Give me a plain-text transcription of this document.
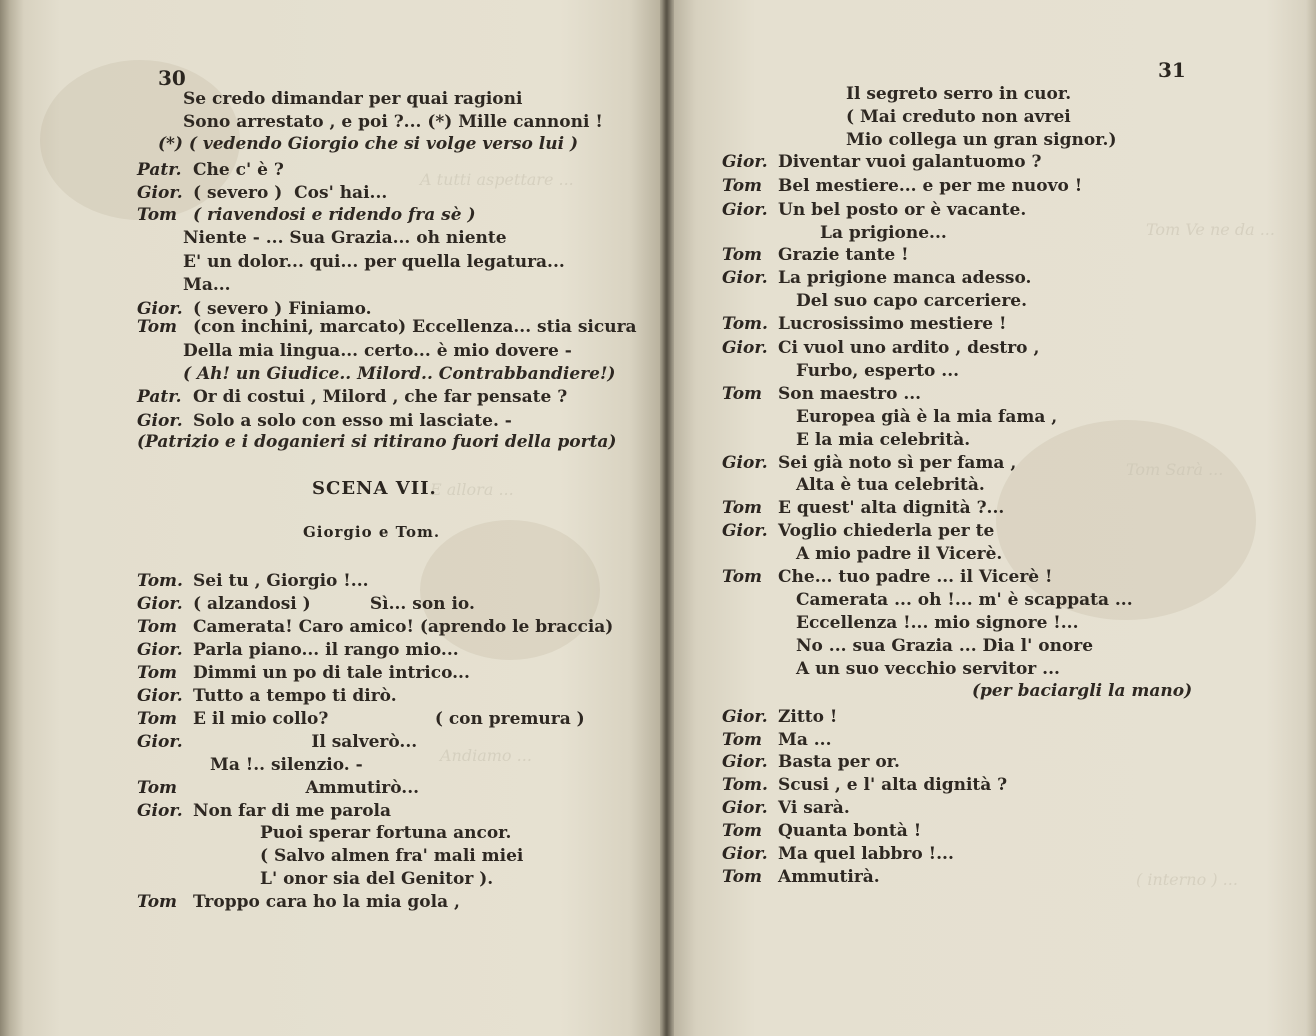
A tutti aspettare ...
E allora ...
Andiamo ...
30
Se credo dimandar per quai ragioni
Sono arrestato , e poi ?... (*) Mille cannoni !
(*) ( vedendo Giorgio che si volge verso lui )
Patr. Che c' è ?
Gior. ( severo )  Cos' hai...
Tom ( riavendosi e ridendo fra sè )
Niente - ... Sua Grazia... oh niente
E' un dolor... qui... per quella legatura...
Ma...
Gior. ( severo ) Finiamo.
Tom (con inchini, marcato) Eccellenza... stia sicura
Della mia lingua... certo... è mio dovere -
( Ah! un Giudice.. Milord.. Contrabbandiere!)
Patr. Or di costui , Milord , che far pensate ?
Gior. Solo a solo con esso mi lasciate. -
(Patrizio e i doganieri si ritirano fuori della porta)
SCENA VII.
Giorgio e Tom.
Tom. Sei tu , Giorgio !...
Gior. ( alzandosi )          Sì... son io.
Tom Camerata! Caro amico! (aprendo le braccia)
Gior. Parla piano... il rango mio...
Tom Dimmi un po di tale intrico...
Gior. Tutto a tempo ti dirò.
Tom E il mio collo?                  ( con premura )
Gior.                    Il salverò...
Ma !.. silenzio. -
Tom                   Ammutirò...
Gior. Non far di me parola
Puoi sperar fortuna ancor.
( Salvo almen fra' mali miei
L' onor sia del Genitor ).
Tom Troppo cara ho la mia gola ,
Tom Ve ne da ...
Tom Sarà ...
( interno ) ...
31
Il segreto serro in cuor.
( Mai creduto non avrei
Mio collega un gran signor.)
Gior. Diventar vuoi galantuomo ?
Tom Bel mestiere... e per me nuovo !
Gior. Un bel posto or è vacante.
La prigione...
Tom Grazie tante !
Gior. La prigione manca adesso.
Del suo capo carceriere.
Tom. Lucrosissimo mestiere !
Gior. Ci vuol uno ardito , destro ,
Furbo, esperto ...
Tom Son maestro ...
Europea già è la mia fama ,
E la mia celebrità.
Gior. Sei già noto sì per fama ,
Alta è tua celebrità.
Tom E quest' alta dignità ?...
Gior. Voglio chiederla per te
A mio padre il Vicerè.
Tom Che... tuo padre ... il Vicerè !
Camerata ... oh !... m' è scappata ...
Eccellenza !... mio signore !...
No ... sua Grazia ... Dia l' onore
A un suo vecchio servitor ...
(per baciargli la mano)
Gior. Zitto !
Tom Ma ...
Gior. Basta per or.
Tom. Scusi , e l' alta dignità ?
Gior. Vi sarà.
Tom Quanta bontà !
Gior. Ma quel labbro !...
Tom Ammutirà.
